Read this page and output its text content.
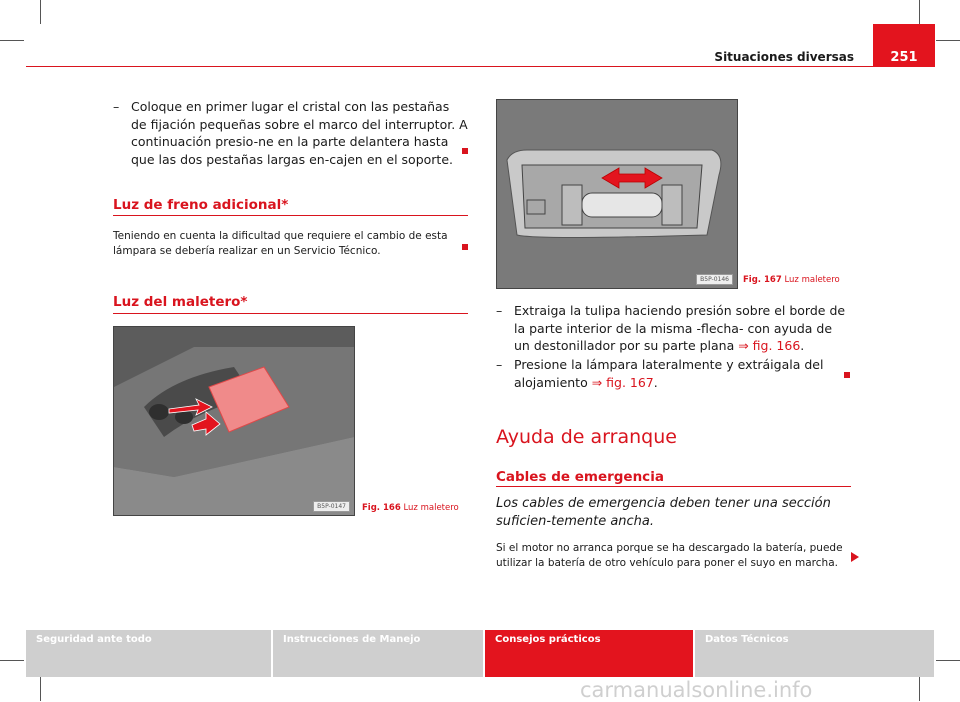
Situaciones diversas	251
– Coloque en primer lugar el cristal con las pestañas de fijación pequeñas sobre el marco del interruptor. A continuación presio-ne en la parte delantera hasta que las dos pestañas largas en-cajen en el soporte.
Luz de freno adicional*
Teniendo en cuenta la dificultad que requiere el cambio de esta lámpara se debería realizar en un Servicio Técnico.
Luz del maletero*
B5P-0147	Fig. 166 Luz maletero
B5P-0146	Fig. 167 Luz maletero
– Extraiga la tulipa haciendo presión sobre el borde de la parte interior de la misma -flecha- con ayuda de un destonillador por su parte plana ⇒ fig. 166.
– Presione la lámpara lateralmente y extráigala del alojamiento ⇒ fig. 167.
Ayuda de arranque
Cables de emergencia
Los cables de emergencia deben tener una sección suficien-temente ancha.
Si el motor no arranca porque se ha descargado la batería, puede utilizar la batería de otro vehículo para poner el suyo en marcha.
Seguridad ante todo	Instrucciones de Manejo	Consejos prácticos	Datos Técnicos
carmanualsonline.info
